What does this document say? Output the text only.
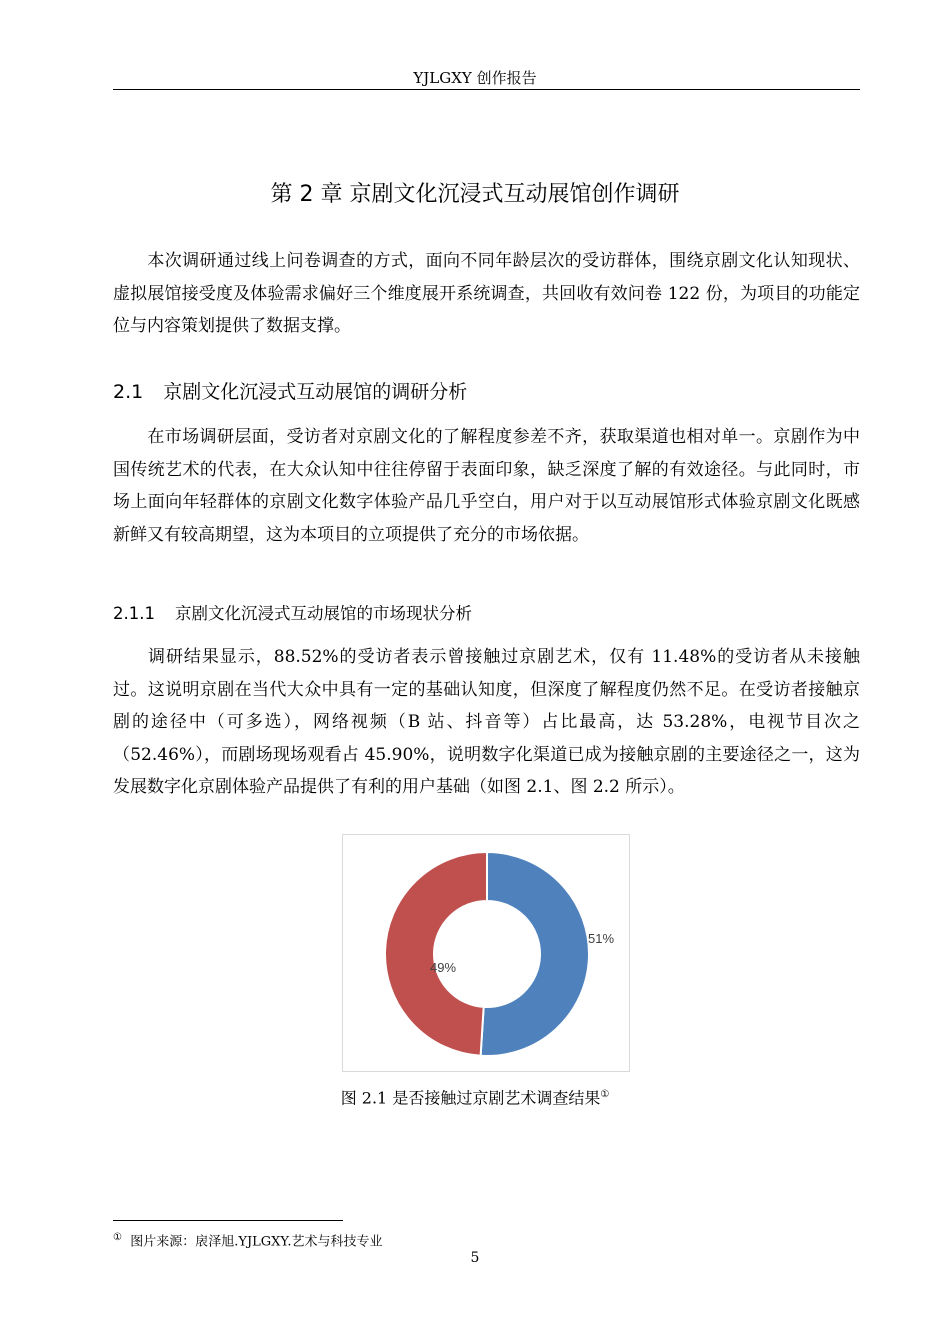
YJLGXY 创作报告
第 2 章 京剧文化沉浸式互动展馆创作调研

本次调研通过线上问卷调查的方式，面向不同年龄层次的受访群体，围绕京剧文化认知现状、虚拟展馆接受度及体验需求偏好三个维度展开系统调查，共回收有效问卷 122 份，为项目的功能定位与内容策划提供了数据支撑。

2.1 京剧文化沉浸式互动展馆的调研分析

在市场调研层面，受访者对京剧文化的了解程度参差不齐，获取渠道也相对单一。京剧作为中国传统艺术的代表，在大众认知中往往停留于表面印象，缺乏深度了解的有效途径。与此同时，市场上面向年轻群体的京剧文化数字体验产品几乎空白，用户对于以互动展馆形式体验京剧文化既感新鲜又有较高期望，这为本项目的立项提供了充分的市场依据。

2.1.1 京剧文化沉浸式互动展馆的市场现状分析

调研结果显示，88.52%的受访者表示曾接触过京剧艺术，仅有 11.48%的受访者从未接触过。这说明京剧在当代大众中具有一定的基础认知度，但深度了解程度仍然不足。在受访者接触京剧的途径中（可多选），网络视频（B 站、抖音等）占比最高，达 53.28%，电视节目次之（52.46%），而剧场现场观看占 45.90%，说明数字化渠道已成为接触京剧的主要途径之一，这为发展数字化京剧体验产品提供了有利的用户基础（如图 2.1、图 2.2 所示）。

51%
49%
图 2.1 是否接触过京剧艺术调查结果①
① 图片来源：扆泽旭.YJLGXY.艺术与科技专业
5
